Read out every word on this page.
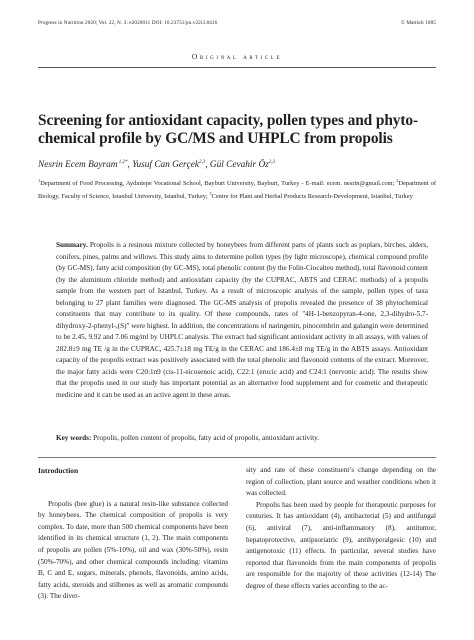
Progress in Nutrition 2020; Vol. 22, N. 3: e2020011 DOI: 10.23751/pn.v22i3.8416	© Mattioli 1885
Original article
Screening for antioxidant capacity, pollen types and phyto-chemical profile by GC/MS and UHPLC from propolis
Nesrin Ecem Bayram $^{1,2*}$, Yusuf Can Gerçek$^{2,3}$, Gül Cevahir Öz$^{2,3}$

$^1$Department of Food Processing, Aydıntepe Vocational School, Bayburt University, Bayburt, Turkey - E-mail: ecem. nesrin@gmail.com; $^2$Department of Biology, Faculty of Science, Istanbul University, Istanbul, Turkey; $^3$Centre for Plant and Herbal Products Research-Development, Istanbul, Turkey

Summary. Propolis is a resinous mixture collected by honeybees from different parts of plants such as poplars, birches, alders, conifers, pines, palms and willows. This study aims to determine pollen types (by light microscope), chemical compound profile (by GC-MS), fatty acid composition (by GC-MS), total phenolic content (by the Folin-Ciocalteu method), total flavonoid content (by the aluminium chloride method) and antioxidant capacity (by the CUPRAC, ABTS and CERAC methods) of a propolis sample from the western part of Istanbul, Turkey. As a result of microscopic analysis of the sample, pollen types of taxa belonging to 27 plant families were diagnosed. The GC-MS analysis of propolis revealed the presence of 38 phytochemical constituents that may contribute to its quality. Of these compounds, rates of "4H-1-benzopyran-4-one, 2,3-dihydro-5,7-dihydroxy-2-phenyl-,(S)" were highest. In addition, the concentrations of naringenin, pinocembrin and galangin were determined to be 2.45, 9.92 and 7.06 mg/ml by UHPLC analysis. The extract had significant antioxidant activity in all assays, with values of 282.8±9 mg TE /g in the CUPRAC, 425.7±18 mg TE/g in the CERAC and 186.4±8 mg TE/g in the ABTS assays. Antioxidant capacity of the propolis extract was positively associated with the total phenolic and flavonoid contents of the extract. Moreover, the major fatty acids were C20:1n9 (cis-11-eicosenoic acid), C22:1 (erucic acid) and C24:1 (nervonic acid). The results show that the propolis used in our study has important potential as an alternative food supplement and for cosmetic and therapeutic medicine and it can be used as an active agent in these areas.

Key words: Propolis, pollen content of propolis, fatty acid of propolis, antioxidant activity.

Introduction

Propolis (bee glue) is a natural resin-like substance collected by honeybees. The chemical composition of propolis is very complex. To date, more than 500 chemical components have been identified in its chemical structure (1, 2). The main components of propolis are pollen (5%-10%), oil and wax (30%-50%), resin (50%-70%), and other chemical compounds including: vitamins B, C and E, sugars, minerals, phenols, flavonoids, amino acids, fatty acids, steroids and stilbenes as well as aromatic compounds (3). The diver-

sity and rate of these constituent’s change depending on the region of collection, plant source and weather conditions when it was collected.

Propolis has been used by people for therapeutic purposes for centuries. It has antioxidant (4), antibacterial (5) and antifungal (6), antiviral (7), anti-inflammatory (8), antitumor, hepatoprotective, antipsoriatric (9), antihyperalgesic (10) and antigenotoxic (11) effects. In particular, several studies have reported that flavonoids from the main components of propolis are responsible for the majority of these activities (12-14) The degree of these effects varies according to the ac-
